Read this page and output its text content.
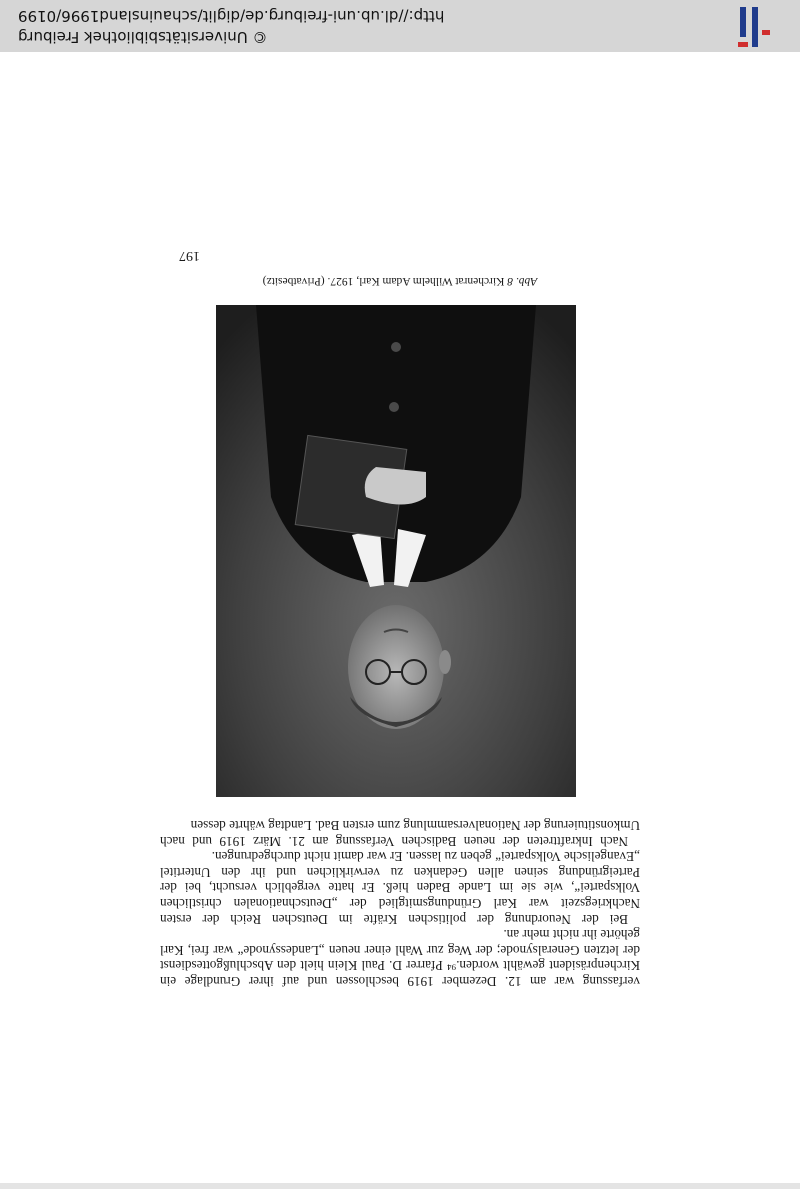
verfassung war am 12. Dezember 1919 beschlossen und auf ihrer Grundlage ein Kirchenpräsident gewählt worden.⁹⁴ Pfarrer D. Paul Klein hielt den Abschlußgottesdienst der letzten Generalsynode; der Weg zur Wahl einer neuen „Landessynode“ war frei, Karl gehörte ihr nicht mehr an.

Bei der Neuordnung der politischen Kräfte im Deutschen Reich der ersten Nachkriegszeit war Karl Gründungsmitglied der „Deutschnationalen christlichen Volkspartei“, wie sie im Lande Baden hieß. Er hatte vergeblich versucht, bei der Parteigründung seinen allen Gedanken zu verwirklichen und ihr den Untertitel „Evangelische Volkspartei“ geben zu lassen. Er war damit nicht durchgedrungen.

Nach Inkrafttreten der neuen Badischen Verfassung am 21. März 1919 und nach Umkonstituierung der Nationalversammlung zum ersten Bad. Landtag währte dessen

Abb. 8 Kirchenrat Wilhelm Adam Karl, 1927. (Privatbesitz)
197
© Universitätsbibliothek Freiburg
http://dl.ub.uni-freiburg.de/diglit/schauinsland1996/0199
